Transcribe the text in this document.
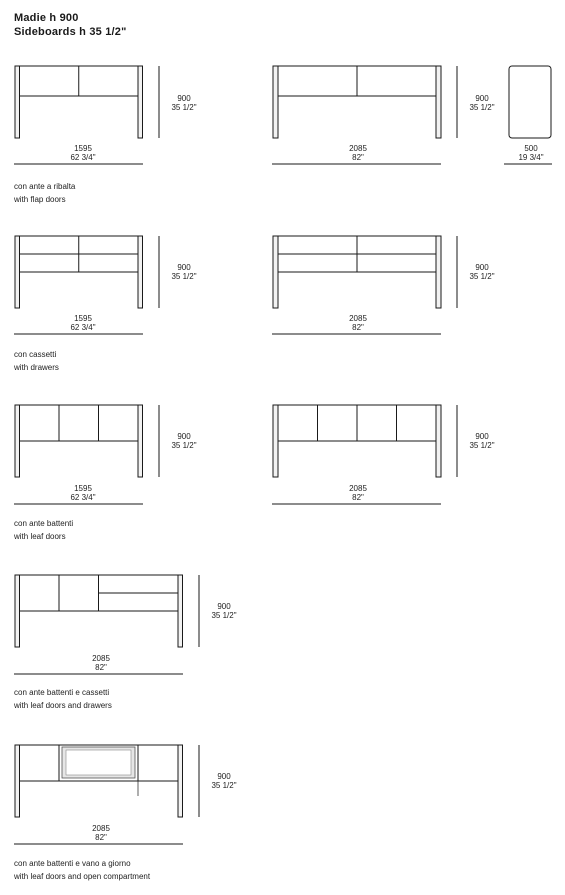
Madie h 900
Sideboards h 35 1/2"
900
35 1/2"
1595
62 3/4"
900
35 1/2"
2085
82"
500
19 3/4"
900
35 1/2"
1595
62 3/4"
900
35 1/2"
2085
82"
900
35 1/2"
1595
62 3/4"
900
35 1/2"
2085
82"
900
35 1/2"
2085
82"
900
35 1/2"
2085
82"
con ante a ribalta
with flap doors
con cassetti
with drawers
con ante battenti
with leaf doors
con ante battenti e cassetti
with leaf doors and drawers
con ante battenti e vano a giorno
with leaf doors and open compartment
